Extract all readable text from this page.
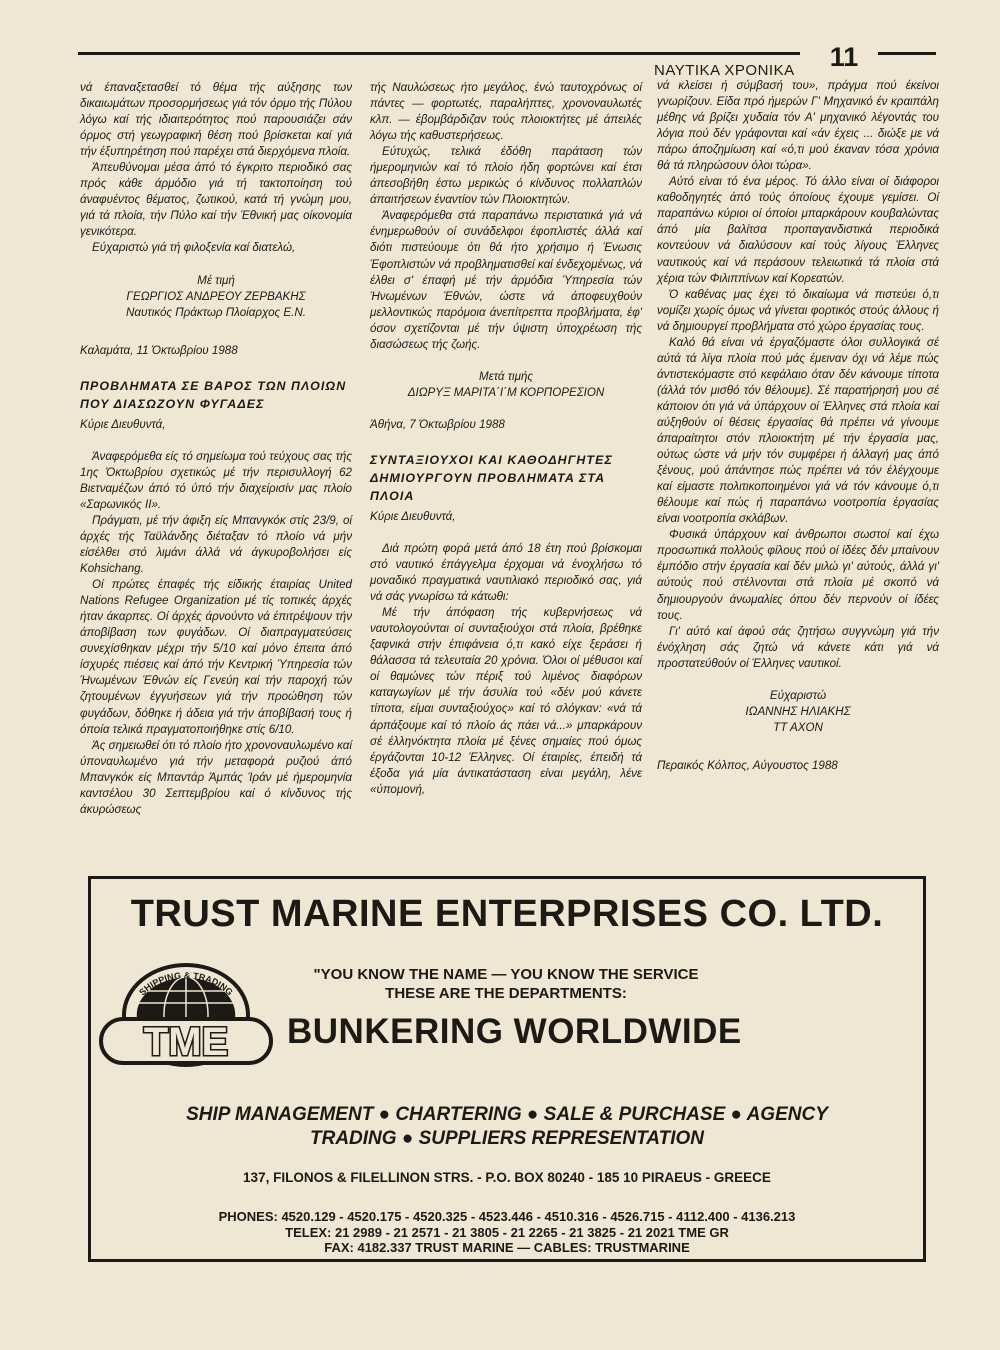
ΝΑΥΤΙΚΑ ΧΡΟΝΙΚΑ	11

νά έπαναξετασθεί τό θέμα τής αύξησης των δικαιωμάτων προσορμήσεως γιά τόν όρμο τής Πύλου λόγω καί τής ιδιαιτερότητος πού παρουσιάζει σάν όρμος στή γεωγραφική θέση πού βρίσκεται καί γιά τήν έξυπηρέτηση πού παρέχει στά διερχόμενα πλοία.

Άπευθύνομαι μέσα άπό τό έγκριτο περιοδικό σας πρός κάθε άρμόδιο γιά τή τακτοποίηση τού άναφυέντος θέματος, ζωτικού, κατά τή γνώμη μου, γιά τά πλοία, τήν Πύλο καί τήν Έθνική μας οίκονομία γενικότερα.

Εύχαριστώ γιά τή φιλοξενία καί διατελώ,

Μέ τιμή

ΓΕΩΡΓΙΟΣ ΑΝΔΡΕΟΥ ΖΕΡΒΑΚΗΣ

Ναυτικός Πράκτωρ Πλοίαρχος Ε.Ν.

Καλαμάτα, 11 Όκτωβρίου 1988

ΠΡΟΒΛΗΜΑΤΑ ΣΕ ΒΑΡΟΣ ΤΩΝ ΠΛΟΙΩΝ ΠΟΥ ΔΙΑΣΩΖΟΥΝ ΦΥΓΑΔΕΣ

Κύριε Διευθυντά,

Άναφερόμεθα είς τό σημείωμα τού τεύχους σας τής 1ης Όκτωβρίου σχετικώς μέ τήν περισυλλογή 62 Βιετναμέζων άπό τό ύπό τήν διαχείρισίν μας πλοίο «Σαρωνικός ΙΙ».

Πράγματι, μέ τήν άφιξη είς Μπανγκόκ στίς 23/9, οί άρχές τής Ταϋλάνδης διέταξαν τό πλοίο νά μήν είσέλθει στό λιμάνι άλλά νά άγκυροβολήσει είς Kohsichang.

Οί πρώτες έπαφές τής είδικής έταιρίας United Nations Refugee Organization μέ τίς τοπικές άρχές ήταν άκαρπες. Οί άρχές άρνούντο νά έπιτρέψουν τήν άποβίβαση των φυγάδων. Οί διαπραγματεύσεις συνεχίσθηκαν μέχρι τήν 5/10 καί μόνο έπειτα άπό ίσχυρές πιέσεις καί άπό τήν Κεντρική Ύπηρεσία τών Ήνωμένων Έθνών είς Γενεύη καί τήν παροχή τών ζητουμένων έγγυήσεων γιά τήν προώθηση τών φυγάδων, δόθηκε ή άδεια γιά τήν άποβίβασή τους ή όποία τελικά πραγματοποιήθηκε στίς 6/10.

Άς σημειωθεί ότι τό πλοίο ήτο χρονοναυλωμένο καί ύποναυλωμένο γιά τήν μεταφορά ρυζιού άπό Μπανγκόκ είς Μπαντάρ Άμπάς Ίράν μέ ήμερομηνία καντσέλου 30 Σεπτεμβρίου καί ό κίνδυνος τής άκυρώσεως

τής Ναυλώσεως ήτο μεγάλος, ένώ ταυτοχρόνως οί πάντες — φορτωτές, παραλήπτες, χρονοναυλωτές κλπ. — έβομβάρδιζαν τούς πλοιοκτήτες μέ άπειλές λόγω τής καθυστερήσεως.

Εύτυχώς, τελικά έδόθη παράταση τών ήμερομηνιών καί τό πλοίο ήδη φορτώνει καί έτσι άπεσοβήθη έστω μερικώς ό κίνδυνος πολλαπλών άπαιτήσεων έναντίον τών Πλοιοκτητών.

Άναφερόμεθα στά παραπάνω περιστατικά γιά νά ένημερωθούν οί συνάδελφοι έφοπλιστές άλλά καί διότι πιστεύουμε ότι θά ήτο χρήσιμο ή Ένωσις Έφοπλιστών νά προβληματισθεί καί ένδεχομένως, νά έλθει σ' έπαφή μέ τήν άρμόδια Ύπηρεσία τών Ήνωμένων Έθνών, ώστε νά άποφευχθούν μελλοντικώς παρόμοια άνεπίτρεπτα προβλήματα, έφ' όσον σχετίζονται μέ τήν ύψιστη ύποχρέωση τής διασώσεως τής ζωής.

Μετά τιμής

ΔΙΩΡΥΞ ΜΑΡΙΤΑ΄Ι΄Μ ΚΟΡΠΟΡΕΣΙΟΝ

Άθήνα, 7 Όκτωβρίου 1988

ΣΥΝΤΑΞΙΟΥΧΟΙ ΚΑΙ ΚΑΘΟΔΗΓΗΤΕΣ ΔΗΜΙΟΥΡΓΟΥΝ ΠΡΟΒΛΗΜΑΤΑ ΣΤΑ ΠΛΟΙΑ

Κύριε Διευθυντά,

Διά πρώτη φορά μετά άπό 18 έτη πού βρίσκομαι στό ναυτικό έπάγγελμα έρχομαι νά ένοχλήσω τό μοναδικό πραγματικά ναυτιλιακό περιοδικό σας, γιά νά σάς γνωρίσω τά κάτωθι:

Μέ τήν άπόφαση τής κυβερνήσεως νά ναυτολογούνται οί συνταξιούχοι στά πλοία, βρέθηκε ξαφνικά στήν έπιφάνεια ό,τι κακό είχε ξεράσει ή θάλασσα τά τελευταία 20 χρόνια. Όλοι οί μέθυσοι καί οί θαμώνες τών πέριξ τού λιμένος διαφόρων καταγωγίων μέ τήν άσυλία τού «δέν μού κάνετε τίποτα, είμαι συνταξιούχος» καί τό σλόγκαν: «νά τά άρπάξουμε καί τό πλοίο άς πάει νά...» μπαρκάρουν σέ έλληνόκτητα πλοία μέ ξένες σημαίες πού όμως έργάζονται 10-12 Έλληνες. Οί έταιρίες, έπειδή τά έξοδα γιά μία άντικατάσταση είναι μεγάλη, λένε «ύπομονή,

νά κλείσει ή σύμβασή του», πράγμα πού έκείνοι γνωρίζουν. Είδα πρό ήμερών Γ' Μηχανικό έν κραιπάλη μέθης νά βρίζει χυδαία τόν Α' μηχανικό λέγοντάς του λόγια πού δέν γράφονται καί «άν έχεις ... διώξε με νά πάρω άποζημίωση καί «ό,τι μού έκαναν τόσα χρόνια θά τά πληρώσουν όλοι τώρα».

Αύτό είναι τό ένα μέρος. Τό άλλο είναι οί διάφοροι καθοδηγητές άπό τούς όποίους έχουμε γεμίσει. Οί παραπάνω κύριοι οί όποίοι μπαρκάρουν κουβαλώντας άπό μία βαλίτσα προπαγανδιστικά περιοδικά κοντεύουν νά διαλύσουν καί τούς λίγους Έλληνες ναυτικούς καί νά περάσουν τελειωτικά τά πλοία στά χέρια τών Φιλιππίνων καί Κορεατών.

Ό καθένας μας έχει τό δικαίωμα νά πιστεύει ό,τι νομίζει χωρίς όμως νά γίνεται φορτικός στούς άλλους ή νά δημιουργεί προβλήματα στό χώρο έργασίας τους.

Καλό θά είναι νά έργαζόμαστε όλοι συλλογικά σέ αύτά τά λίγα πλοία πού μάς έμειναν όχι νά λέμε πώς άντιστεκόμαστε στό κεφάλαιο όταν δέν κάνουμε τίποτα (άλλά τόν μισθό τόν θέλουμε). Σέ παρατήρησή μου σέ κάποιον ότι γιά νά ύπάρχουν οί Έλληνες στά πλοία καί αύξηθούν οί θέσεις έργασίας θά πρέπει νά γίνουμε άπαραίτητοι στόν πλοιοκτήτη μέ τήν έργασία μας, ούτως ώστε νά μήν τόν συμφέρει ή άλλαγή μας άπό ξένους, μού άπάντησε πώς πρέπει νά τόν έλέγχουμε καί είμαστε πολιτικοποιημένοι γιά νά τόν κάνουμε ό,τι θέλουμε καί πώς ή παραπάνω νοοτροπία έργασίας είναι νοοτροπία σκλάβων.

Φυσικά ύπάρχουν καί άνθρωποι σωστοί καί έχω προσωπικά πολλούς φίλους πού οί ίδέες δέν μπαίνουν έμπόδιο στήν έργασία καί δέν μιλώ γι' αύτούς, άλλά γι' αύτούς πού στέλνονται στά πλοία μέ σκοπό νά δημιουργούν άνωμαλίες όπου δέν περνούν οί ίδέες τους.

Γι' αύτό καί άφού σάς ζητήσω συγγνώμη γιά τήν ένόχληση σάς ζητώ νά κάνετε κάτι γιά νά προστατεύθούν οί Έλληνες ναυτικοί.

Εύχαριστώ

ΙΩΑΝΝΗΣ ΗΛΙΑΚΗΣ

ΤΤ ΑΧΟΝ

Περαικός Κόλπος, Αύγουστος 1988

TRUST MARINE ENTERPRISES CO. LTD.
SHIPPING & TRADING
TME
"YOU KNOW THE NAME — YOU KNOW THE SERVICE
THESE ARE THE DEPARTMENTS:
BUNKERING WORLDWIDE
SHIP MANAGEMENT ● CHARTERING ● SALE & PURCHASE ● AGENCY
TRADING ● SUPPLIERS REPRESENTATION
137, FILONOS & FILELLINON STRS. - P.O. BOX 80240 - 185 10 PIRAEUS - GREECE
PHONES: 4520.129 - 4520.175 - 4520.325 - 4523.446 - 4510.316 - 4526.715 - 4112.400 - 4136.213
TELEX: 21 2989 - 21 2571 - 21 3805 - 21 2265 - 21 3825 - 21 2021 TME GR
FAX: 4182.337 TRUST MARINE — CABLES: TRUSTMARINE
